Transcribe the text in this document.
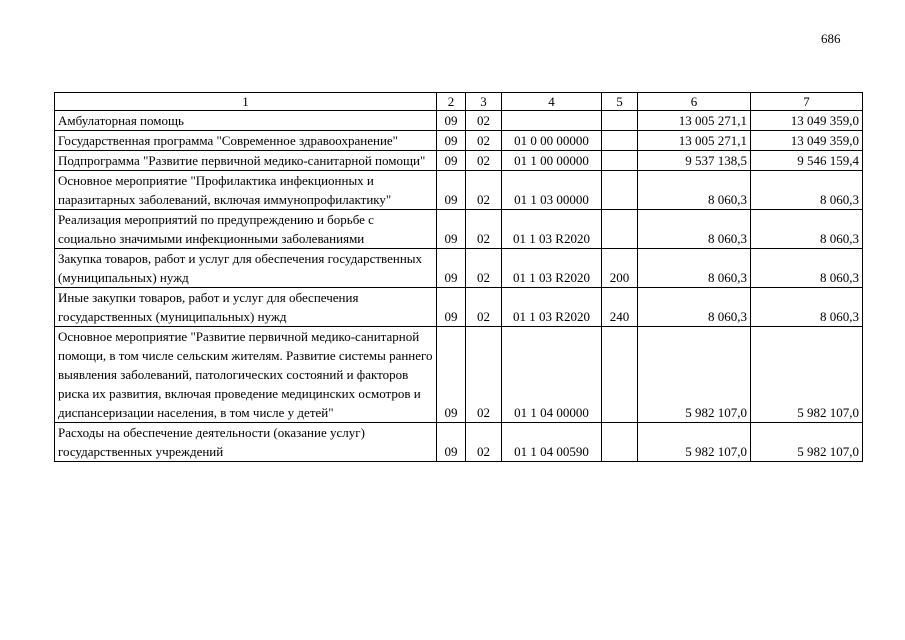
686
1	2	3	4	5	6	7
Амбулаторная помощь	09	02			13 005 271,1	13 049 359,0
Государственная программа "Современное здравоохранение"	09	02	01 0 00 00000		13 005 271,1	13 049 359,0
Подпрограмма "Развитие первичной медико-санитарной помощи"	09	02	01 1 00 00000		9 537 138,5	9 546 159,4
Основное мероприятие "Профилактика инфекционных и паразитарных заболеваний, включая иммунопрофилактику"	09	02	01 1 03 00000		8 060,3	8 060,3
Реализация мероприятий по предупреждению и борьбе с социально значимыми инфекционными заболеваниями	09	02	01 1 03 R2020		8 060,3	8 060,3
Закупка товаров, работ и услуг для обеспечения государственных (муниципальных) нужд	09	02	01 1 03 R2020	200	8 060,3	8 060,3
Иные закупки товаров, работ и услуг для обеспечения государственных (муниципальных) нужд	09	02	01 1 03 R2020	240	8 060,3	8 060,3
Основное мероприятие "Развитие первичной медико-санитарной помощи, в том числе сельским жителям. Развитие системы раннего выявления заболеваний, патологических состояний и факторов риска их развития, включая проведение медицинских осмотров и диспансеризации населения, в том числе у детей"	09	02	01 1 04 00000		5 982 107,0	5 982 107,0
Расходы на обеспечение деятельности (оказание услуг) государственных учреждений	09	02	01 1 04 00590		5 982 107,0	5 982 107,0
